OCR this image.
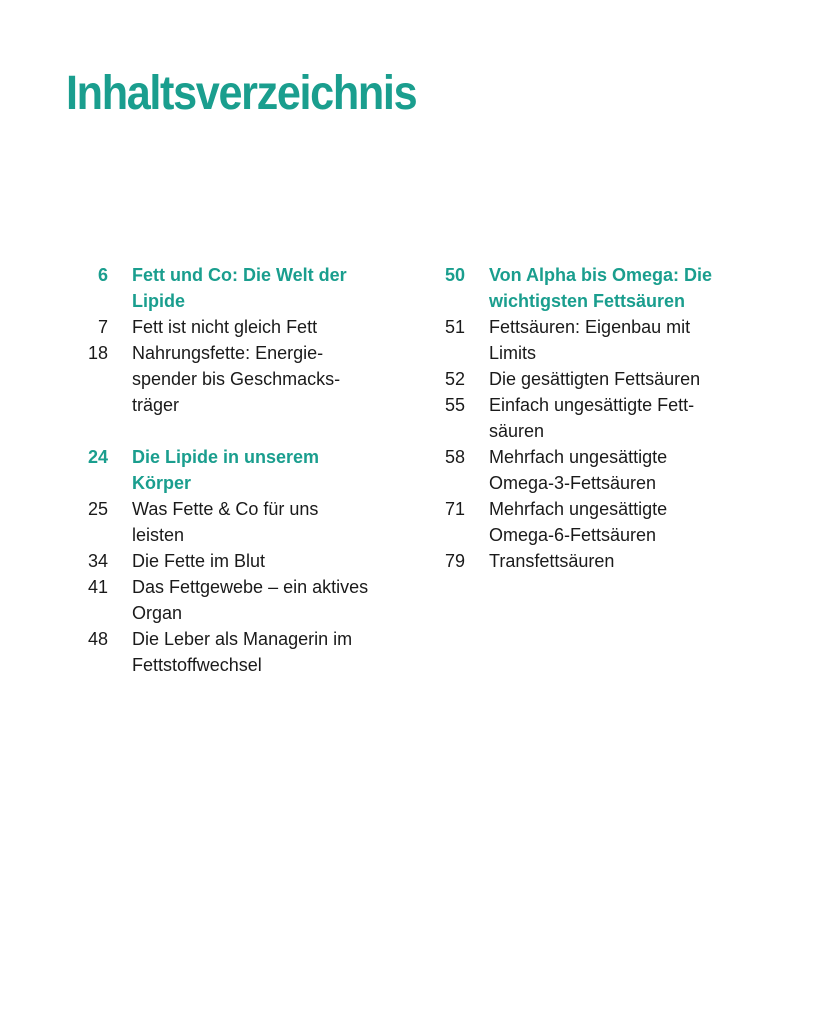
Inhaltsverzeichnis
6	Fett und Co: Die Welt der
Lipide
7	Fett ist nicht gleich Fett
18	Nahrungsfette: Energie-
spender bis Geschmacks-
träger
24	Die Lipide in unserem
Körper
25	Was Fette & Co für uns
leisten
34	Die Fette im Blut
41	Das Fettgewebe – ein aktives
Organ
48	Die Leber als Managerin im
Fettstoffwechsel
50	Von Alpha bis Omega: Die
wichtigsten Fettsäuren
51	Fettsäuren: Eigenbau mit
Limits
52	Die gesättigten Fettsäuren
55	Einfach ungesättigte Fett-
säuren
58	Mehrfach ungesättigte
Omega-3-Fettsäuren
71	Mehrfach ungesättigte
Omega-6-Fettsäuren
79	Transfettsäuren
